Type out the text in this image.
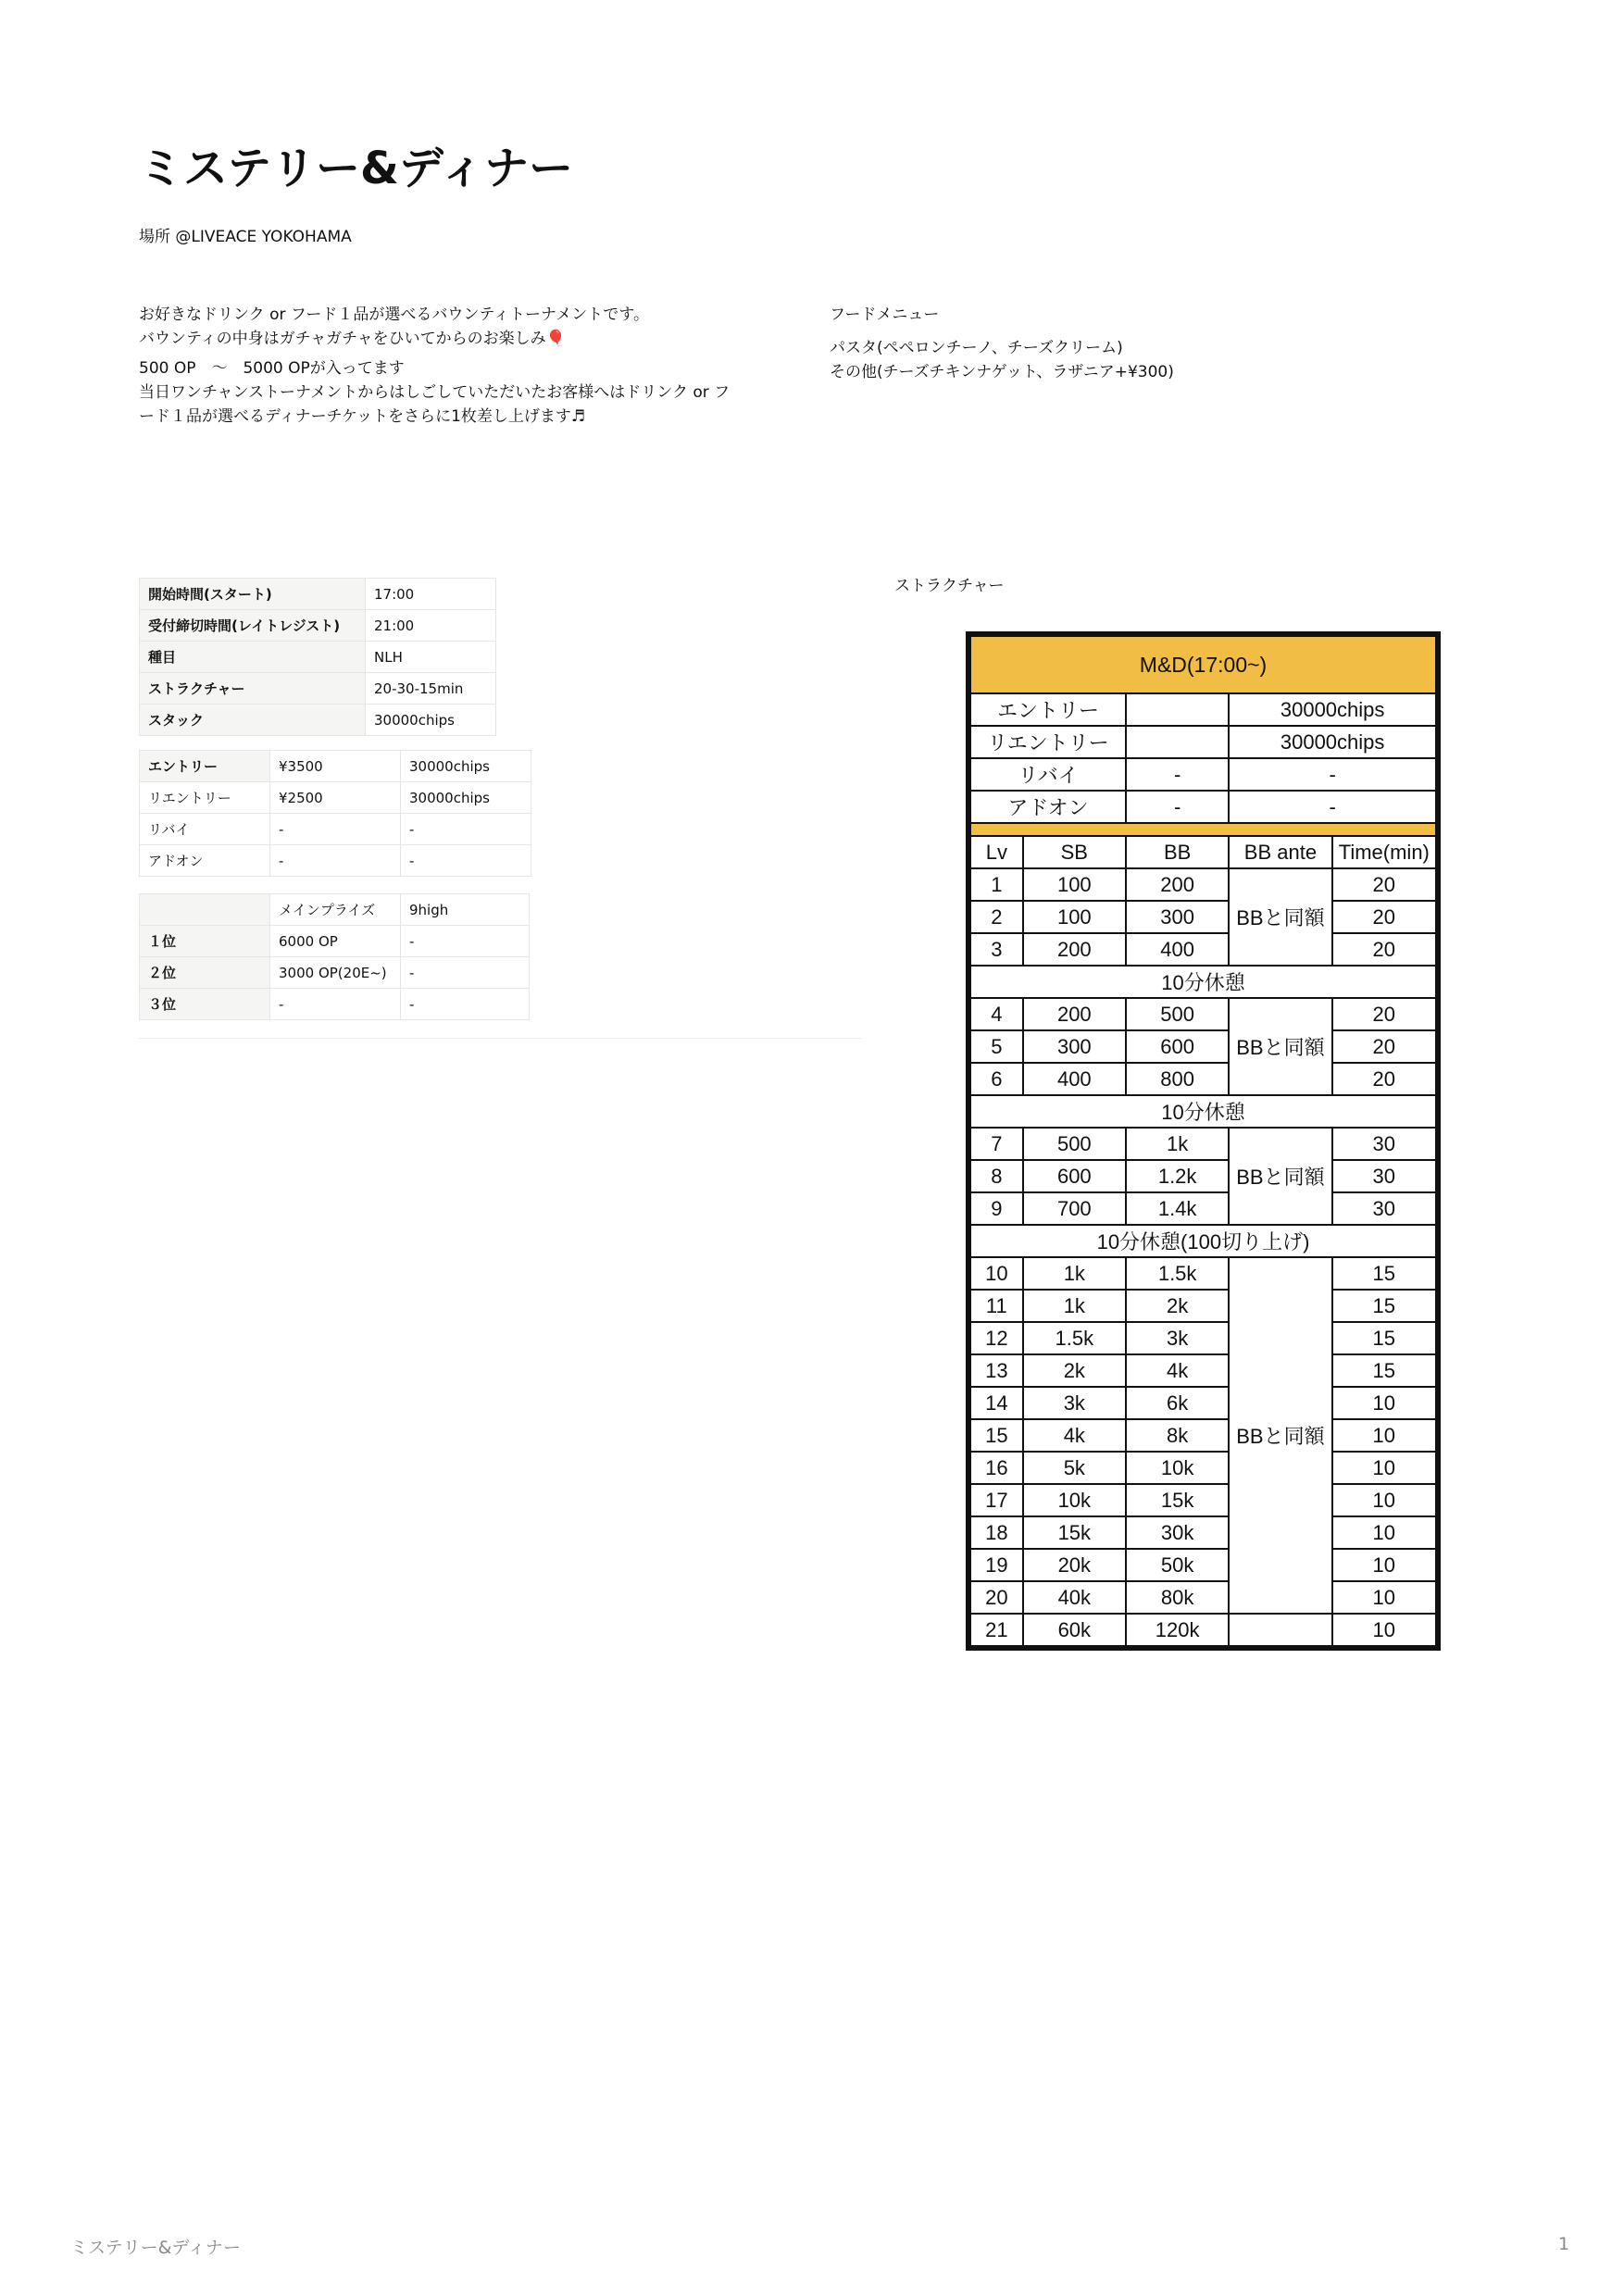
ミステリー&ディナー
場所 @LIVEACE YOKOHAMA

お好きなドリンク or フード１品が選べるバウンティトーナメントです。

バウンティの中身はガチャガチャをひいてからのお楽しみ🎈

500 OP　〜　5000 OPが入ってます

当日ワンチャンストーナメントからはしごしていただいたお客様へはドリンク or フ

ード１品が選べるディナーチケットをさらに1枚差し上げます♬

フードメニュー

パスタ(ペペロンチーノ、チーズクリーム)

その他(チーズチキンナゲット、ラザニア+¥300)

開始時間(スタート)	17:00
受付締切時間(レイトレジスト)	21:00
種目	NLH
ストラクチャー	20-30-15min
スタック	30000chips
エントリー	¥3500	30000chips
リエントリー	¥2500	30000chips
リバイ	-	-
アドオン	-	-
	メインプライズ	9high
１位	6000 OP	-
２位	3000 OP(20E~)	-
３位	-	-
ストラクチャー
M&D(17:00~)				
エントリー			30000chips	
リエントリー			30000chips	
リバイ		-	-	
アドオン		-	-	

Lv	SB	BB	BB ante	Time(min)
1	100	200	BBと同額	20
2	100	300		20
3	200	400		20
10分休憩				
4	200	500	BBと同額	20
5	300	600		20
6	400	800		20
10分休憩				
7	500	1k	BBと同額	30
8	600	1.2k		30
9	700	1.4k		30
10分休憩(100切り上げ)				
10	1k	1.5k	BBと同額	15
11	1k	2k		15
12	1.5k	3k		15
13	2k	4k		15
14	3k	6k		10
15	4k	8k		10
16	5k	10k		10
17	10k	15k		10
18	15k	30k		10
19	20k	50k		10
20	40k	80k		10
21	60k	120k		10
ミステリー&ディナー	1
